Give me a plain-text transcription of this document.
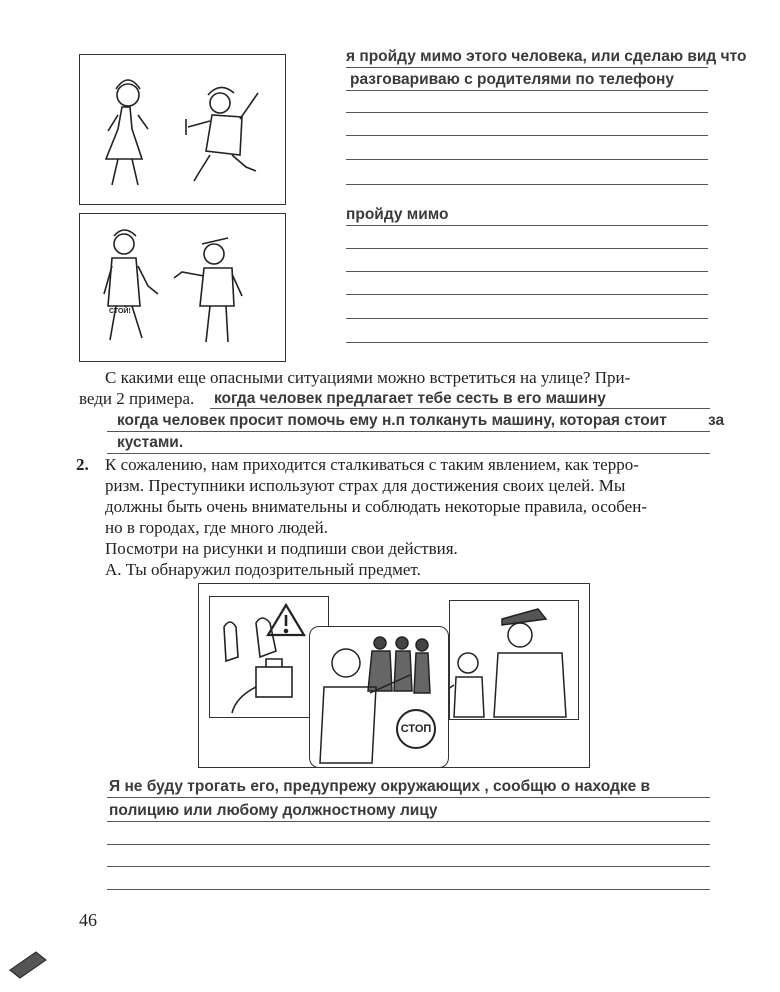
СТОЙ!
я пройду мимо этого человека, или сделаю вид что
разговариваю с родителями по телефону
пройду мимо
С какими еще опасными ситуациями можно встретиться на улице? При-
веди 2 примера. когда человек предлагает тебе сесть в его машину
когда человек просит помочь ему н.п толкануть машину, которая стоит	за
кустами.
2. К сожалению, нам приходится сталкиваться с таким явлением, как терро-
ризм. Преступники используют страх для достижения своих целей. Мы
должны быть очень внимательны и соблюдать некоторые правила, особен-
но в городах, где много людей.
Посмотри на рисунки и подпиши свои действия.
А. Ты обнаружил подозрительный предмет.
СТОП
Я не буду трогать его, предупрежу окружающих , сообщю о находке в
полицию или любому должностному лицу
46
